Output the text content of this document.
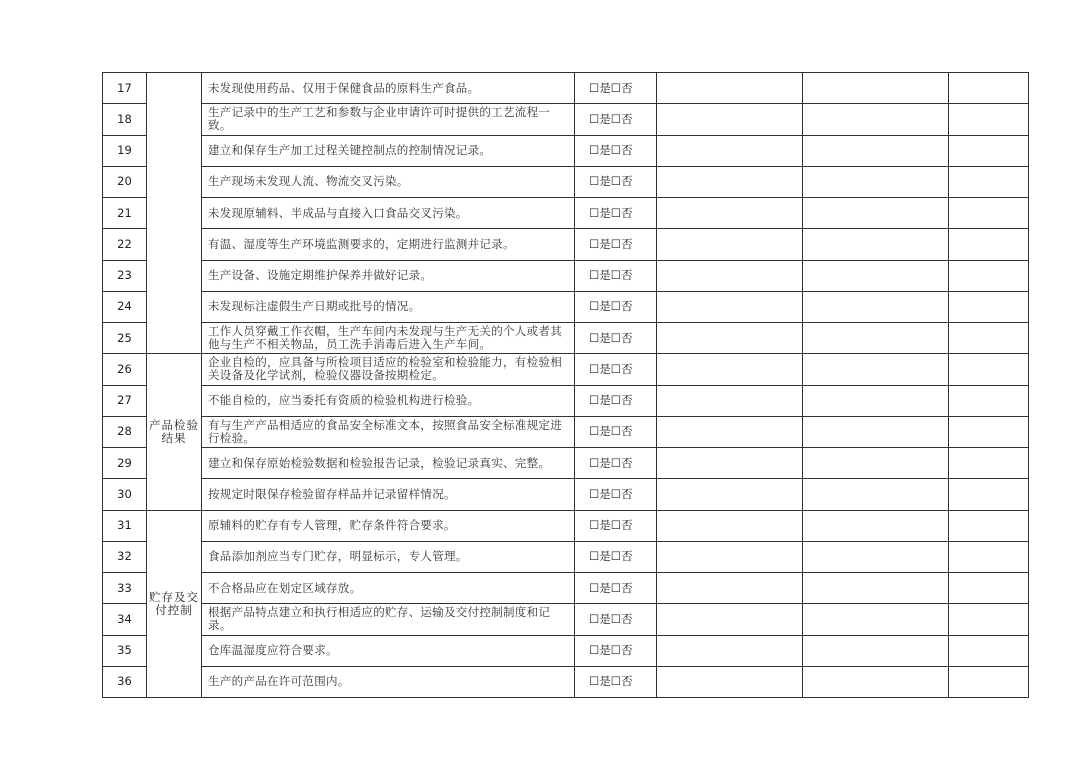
17		未发现使用药品、仅用于保健食品的原料生产食品。	☐是☐否			
18		生产记录中的生产工艺和参数与企业申请许可时提供的工艺流程一致。	☐是☐否			
19		建立和保存生产加工过程关键控制点的控制情况记录。	☐是☐否			
20		生产现场未发现人流、物流交叉污染。	☐是☐否			
21		未发现原辅料、半成品与直接入口食品交叉污染。	☐是☐否			
22		有温、湿度等生产环境监测要求的，定期进行监测并记录。	☐是☐否			
23		生产设备、设施定期维护保养并做好记录。	☐是☐否			
24		未发现标注虚假生产日期或批号的情况。	☐是☐否			
25		工作人员穿戴工作衣帽，生产车间内未发现与生产无关的个人或者其他与生产不相关物品，员工洗手消毒后进入生产车间。	☐是☐否			
26	产品检验结果	企业自检的，应具备与所检项目适应的检验室和检验能力，有检验相关设备及化学试剂，检验仪器设备按期检定。	☐是☐否			
27		不能自检的，应当委托有资质的检验机构进行检验。	☐是☐否			
28		有与生产产品相适应的食品安全标准文本，按照食品安全标准规定进行检验。	☐是☐否			
29		建立和保存原始检验数据和检验报告记录，检验记录真实、完整。	☐是☐否			
30		按规定时限保存检验留存样品并记录留样情况。	☐是☐否			
31	贮存及交付控制	原辅料的贮存有专人管理，贮存条件符合要求。	☐是☐否			
32		食品添加剂应当专门贮存，明显标示，专人管理。	☐是☐否			
33		不合格品应在划定区域存放。	☐是☐否			
34		根据产品特点建立和执行相适应的贮存、运输及交付控制制度和记录。	☐是☐否			
35		仓库温湿度应符合要求。	☐是☐否			
36		生产的产品在许可范围内。	☐是☐否			
